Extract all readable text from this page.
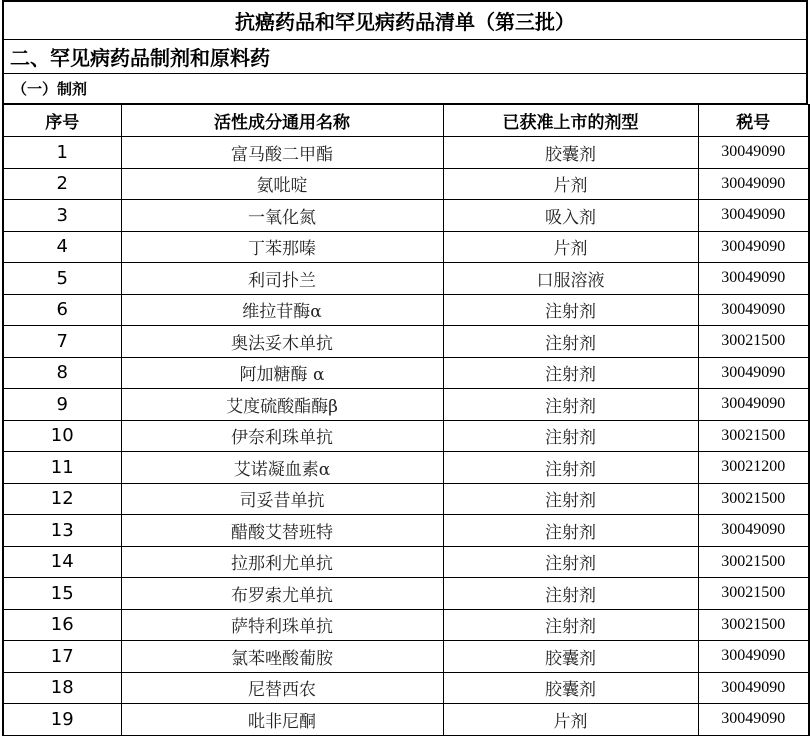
抗癌药品和罕见病药品清单（第三批）
二、罕见病药品制剂和原料药
（一）制剂
序号	活性成分通用名称	已获准上市的剂型	税号
1	富马酸二甲酯	胶囊剂	30049090
2	氨吡啶	片剂	30049090
3	一氧化氮	吸入剂	30049090
4	丁苯那嗪	片剂	30049090
5	利司扑兰	口服溶液	30049090
6	维拉苷酶α	注射剂	30049090
7	奥法妥木单抗	注射剂	30021500
8	阿加糖酶 α	注射剂	30049090
9	艾度硫酸酯酶β	注射剂	30049090
10	伊奈利珠单抗	注射剂	30021500
11	艾诺凝血素α	注射剂	30021200
12	司妥昔单抗	注射剂	30021500
13	醋酸艾替班特	注射剂	30049090
14	拉那利尤单抗	注射剂	30021500
15	布罗索尤单抗	注射剂	30021500
16	萨特利珠单抗	注射剂	30021500
17	氯苯唑酸葡胺	胶囊剂	30049090
18	尼替西农	胶囊剂	30049090
19	吡非尼酮	片剂	30049090
